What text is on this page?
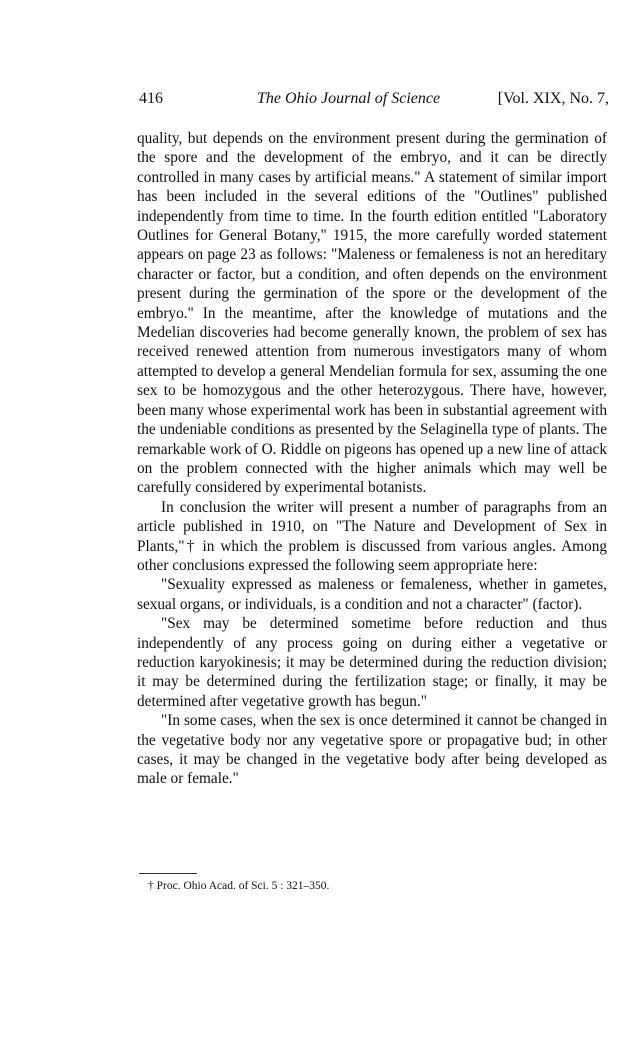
416	The Ohio Journal of Science	[Vol. XIX, No. 7,

quality, but depends on the environment present during the germination of the spore and the development of the embryo, and it can be directly controlled in many cases by artificial means." A statement of similar import has been included in the several editions of the "Outlines" published independently from time to time. In the fourth edition entitled "Laboratory Outlines for General Botany," 1915, the more carefully worded statement appears on page 23 as follows: "Maleness or femaleness is not an hereditary character or factor, but a condition, and often depends on the environment present during the germination of the spore or the development of the embryo." In the meantime, after the knowledge of mutations and the Medelian discoveries had become generally known, the problem of sex has received renewed attention from numerous investigators many of whom attempted to develop a general Mendelian formula for sex, assuming the one sex to be homozygous and the other heterozygous. There have, however, been many whose experimental work has been in substantial agreement with the undeniable conditions as presented by the Selaginella type of plants. The remarkable work of O. Riddle on pigeons has opened up a new line of attack on the problem connected with the higher animals which may well be carefully considered by experimental botanists.

In conclusion the writer will present a number of paragraphs from an article published in 1910, on "The Nature and Development of Sex in Plants,"† in which the problem is discussed from various angles. Among other conclusions expressed the following seem appropriate here:

"Sexuality expressed as maleness or femaleness, whether in gametes, sexual organs, or individuals, is a condition and not a character" (factor).

"Sex may be determined sometime before reduction and thus independently of any process going on during either a vegetative or reduction karyokinesis; it may be determined during the reduction division; it may be determined during the fertilization stage; or finally, it may be determined after vegetative growth has begun."

"In some cases, when the sex is once determined it cannot be changed in the vegetative body nor any vegetative spore or propagative bud; in other cases, it may be changed in the vegetative body after being developed as male or female."

† Proc. Ohio Acad. of Sci. 5 : 321–350.
